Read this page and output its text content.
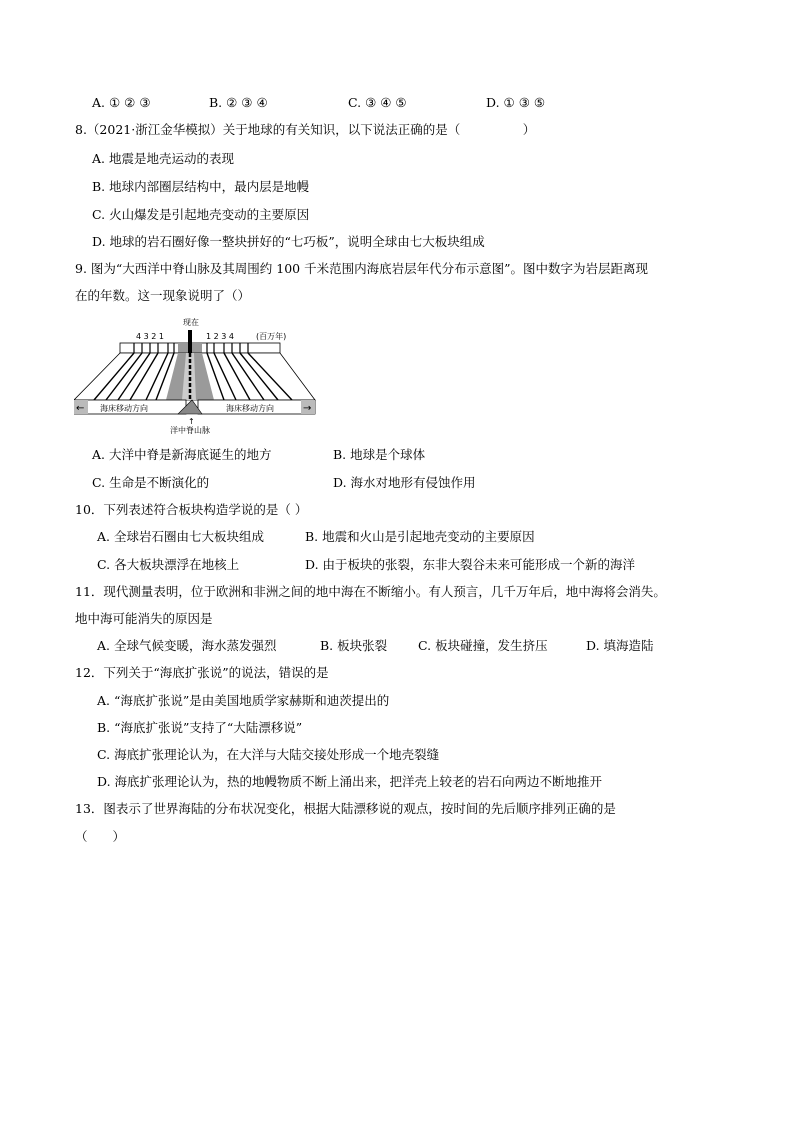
A. ① ② ③	B. ② ③ ④	C. ③ ④ ⑤	D. ① ③ ⑤
8.（2021·浙江金华模拟）关于地球的有关知识，以下说法正确的是（　　　　　）
A. 地震是地壳运动的表现
B. 地球内部圈层结构中，最内层是地幔
C. 火山爆发是引起地壳变动的主要原因
D. 地球的岩石圈好像一整块拼好的“七巧板”，说明全球由七大板块组成
9. 图为“大西洋中脊山脉及其周围约 100 千米范围内海底岩层年代分布示意图”。图中数字为岩层距离现
在的年数。这一现象说明了（）
现在
4 3 2 1	1 2 3 4	(百万年)
←	→
海床移动方向	海床移动方向
↑
洋中脊山脉
A. 大洋中脊是新海底诞生的地方	B. 地球是个球体
C. 生命是不断演化的	D. 海水对地形有侵蚀作用
10．下列表述符合板块构造学说的是（ ）
A. 全球岩石圈由七大板块组成	B. 地震和火山是引起地壳变动的主要原因
C. 各大板块漂浮在地核上	D. 由于板块的张裂，东非大裂谷未来可能形成一个新的海洋
11．现代测量表明，位于欧洲和非洲之间的地中海在不断缩小。有人预言，几千万年后，地中海将会消失。
地中海可能消失的原因是
A. 全球气候变暖，海水蒸发强烈	B. 板块张裂 C. 板块碰撞，发生挤压	D. 填海造陆
12．下列关于“海底扩张说”的说法，错误的是
A. “海底扩张说”是由美国地质学家赫斯和迪茨提出的
B. “海底扩张说”支持了“大陆漂移说”
C. 海底扩张理论认为，在大洋与大陆交接处形成一个地壳裂缝
D. 海底扩张理论认为，热的地幔物质不断上涌出来，把洋壳上较老的岩石向两边不断地推开
13．图表示了世界海陆的分布状况变化，根据大陆漂移说的观点，按时间的先后顺序排列正确的是
（　　）
